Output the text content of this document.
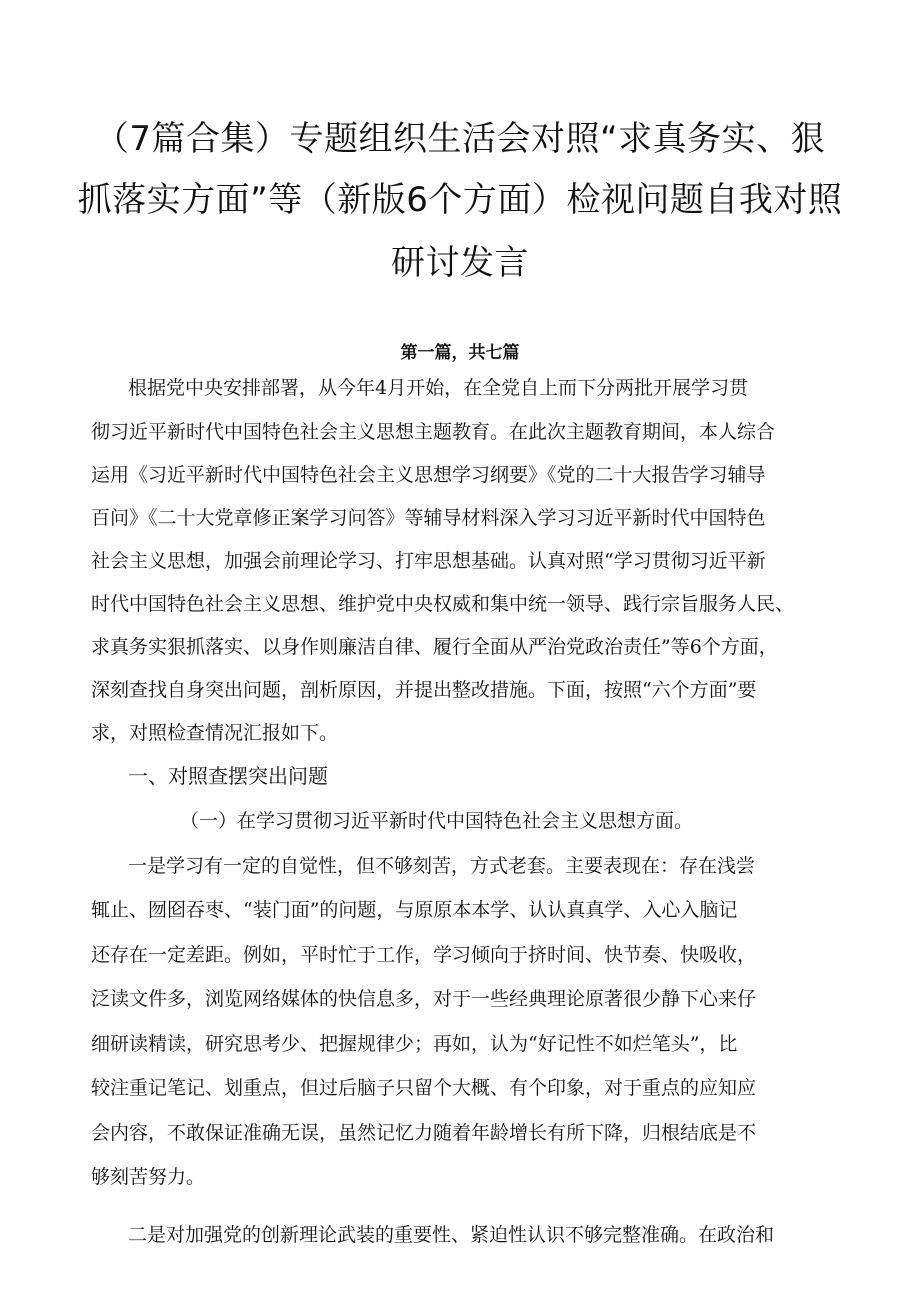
（7篇合集）专题组织生活会对照“求真务实、狠
抓落实方面”等（新版6个方面）检视问题自我对照
研讨发言
第一篇，共七篇
根据党中央安排部署，从今年4月开始，在全党自上而下分两批开展学习贯
彻习近平新时代中国特色社会主义思想主题教育。在此次主题教育期间，本人综合
运用《习近平新时代中国特色社会主义思想学习纲要》《党的二十大报告学习辅导
百问》《二十大党章修正案学习问答》等辅导材料深入学习习近平新时代中国特色
社会主义思想，加强会前理论学习、打牢思想基础。认真对照“学习贯彻习近平新
时代中国特色社会主义思想、维护党中央权威和集中统一领导、践行宗旨服务人民、
求真务实狠抓落实、以身作则廉洁自律、履行全面从严治党政治责任”等6个方面，
深刻查找自身突出问题，剖析原因，并提出整改措施。下面，按照“六个方面”要
求，对照检查情况汇报如下。
一、对照查摆突出问题
（一）在学习贯彻习近平新时代中国特色社会主义思想方面。
一是学习有一定的自觉性，但不够刻苦，方式老套。主要表现在：存在浅尝
辄止、囫囵吞枣、“装门面”的问题，与原原本本学、认认真真学、入心入脑记
还存在一定差距。例如，平时忙于工作，学习倾向于挤时间、快节奏、快吸收，
泛读文件多，浏览网络媒体的快信息多，对于一些经典理论原著很少静下心来仔
细研读精读，研究思考少、把握规律少；再如，认为“好记性不如烂笔头”，比
较注重记笔记、划重点，但过后脑子只留个大概、有个印象，对于重点的应知应
会内容，不敢保证准确无误，虽然记忆力随着年龄增长有所下降，归根结底是不
够刻苦努力。
二是对加强党的创新理论武装的重要性、紧迫性认识不够完整准确。在政治和
